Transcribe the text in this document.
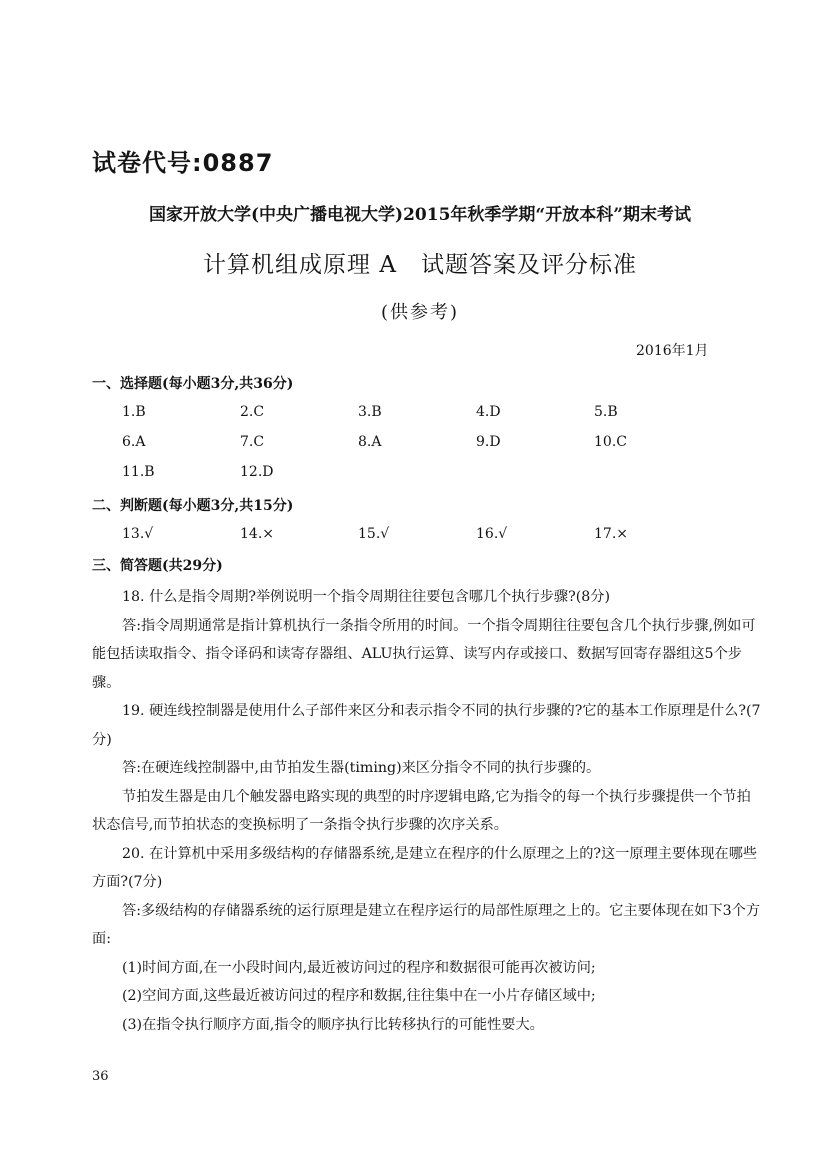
试卷代号:0887
国家开放大学(中央广播电视大学)2015年秋季学期“开放本科”期末考试
计算机组成原理 A　试题答案及评分标准
(供参考)
2016年1月
一、选择题(每小题3分,共36分)
1.B	2.C	3.B	4.D	5.B
6.A	7.C	8.A	9.D	10.C
11.B	12.D
二、判断题(每小题3分,共15分)
13.√	14.×	15.√	16.√	17.×
三、简答题(共29分)

18. 什么是指令周期?举例说明一个指令周期往往要包含哪几个执行步骤?(8分)

答:指令周期通常是指计算机执行一条指令所用的时间。一个指令周期往往要包含几个执行步骤,例如可能包括读取指令、指令译码和读寄存器组、ALU执行运算、读写内存或接口、数据写回寄存器组这5个步骤。

19. 硬连线控制器是使用什么子部件来区分和表示指令不同的执行步骤的?它的基本工作原理是什么?(7分)

答:在硬连线控制器中,由节拍发生器(timing)来区分指令不同的执行步骤的。

节拍发生器是由几个触发器电路实现的典型的时序逻辑电路,它为指令的每一个执行步骤提供一个节拍状态信号,而节拍状态的变换标明了一条指令执行步骤的次序关系。

20. 在计算机中采用多级结构的存储器系统,是建立在程序的什么原理之上的?这一原理主要体现在哪些方面?(7分)

答:多级结构的存储器系统的运行原理是建立在程序运行的局部性原理之上的。它主要体现在如下3个方面:

(1)时间方面,在一小段时间内,最近被访问过的程序和数据很可能再次被访问;

(2)空间方面,这些最近被访问过的程序和数据,往往集中在一小片存储区域中;

(3)在指令执行顺序方面,指令的顺序执行比转移执行的可能性要大。

36
